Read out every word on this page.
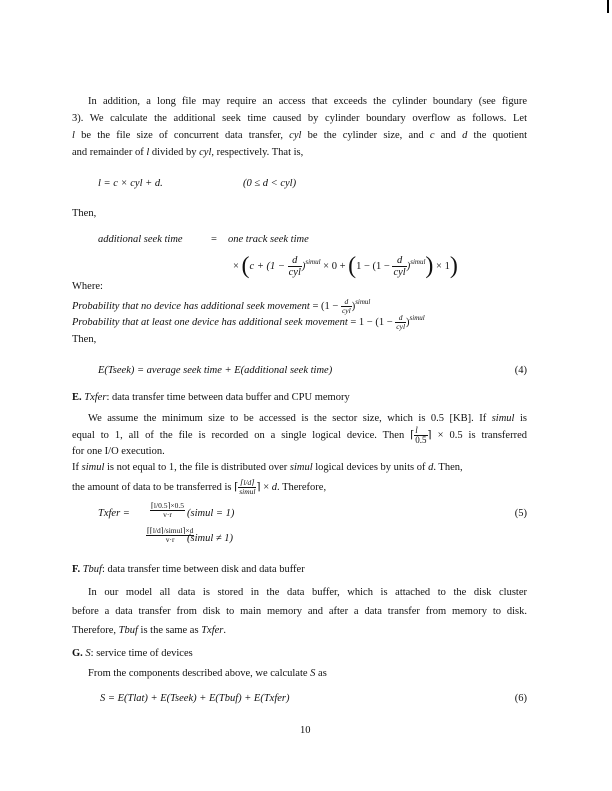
In addition, a long file may require an access that exceeds the cylinder boundary (see figure
3). We calculate the additional seek time caused by cylinder boundary overflow as follows. Let
l be the file size of concurrent data transfer, cyl be the cylinder size, and c and d the quotient
and remainder of l divided by cyl, respectively. That is,
l = c × cyl + d.	(0 ≤ d < cyl)
Then,
additional seek time	= one track seek time
× $(c + (1 - \frac{d}{\text{cyl}} )^{simul} \times 0 + (1 - (1 - \frac{d}{\text{cyl}} )^{simul}) \times 1)$
Where:
Probability that no device has additional seek movement = $(1 - \frac{d}{\text{cyl}} )^{simul}$
Probability that at least one device has additional seek movement = $1 - (1 - \frac{d}{\text{cyl}} )^{simul}$
Then,
E(Tseek) = average seek time + E(additional seek time)	(4)
E. Txfer: data transfer time between data buffer and CPU memory
We assume the minimum size to be accessed is the sector size, which is 0.5 [KB]. If simul is
equal to 1, all of the file is recorded on a single logical device. Then ⌈ $\frac{l}{0.5}$ ⌉ × 0.5 is transferred
for one I/O execution.
If simul is not equal to 1, the file is distributed over simul logical devices by units of d. Then,
the amount of data to be transferred is ⌈ $\frac{⌈l/d⌉}{\text{simul}}$ ⌉ × d. Therefore,
Txfer =	$\frac{⌈l/0.5⌉\times 0.5}{v\cdot r}$ (simul = 1)
$\frac{\text{⌈⌈l/d⌉/simul⌉×d}}{v\cdot r}$
(simul ≠ 1)
(5)
F. Tbuf: data transfer time between disk and data buffer
In our model all data is stored in the data buffer, which is attached to the disk cluster
before a data transfer from disk to main memory and after a data transfer from memory to disk.
Therefore, Tbuf is the same as Txfer.
G. S: service time of devices
From the components described above, we calculate S as
S = E(Tlat) + E(Tseek) + E(Tbuf) + E(Txfer)	(6)
10
